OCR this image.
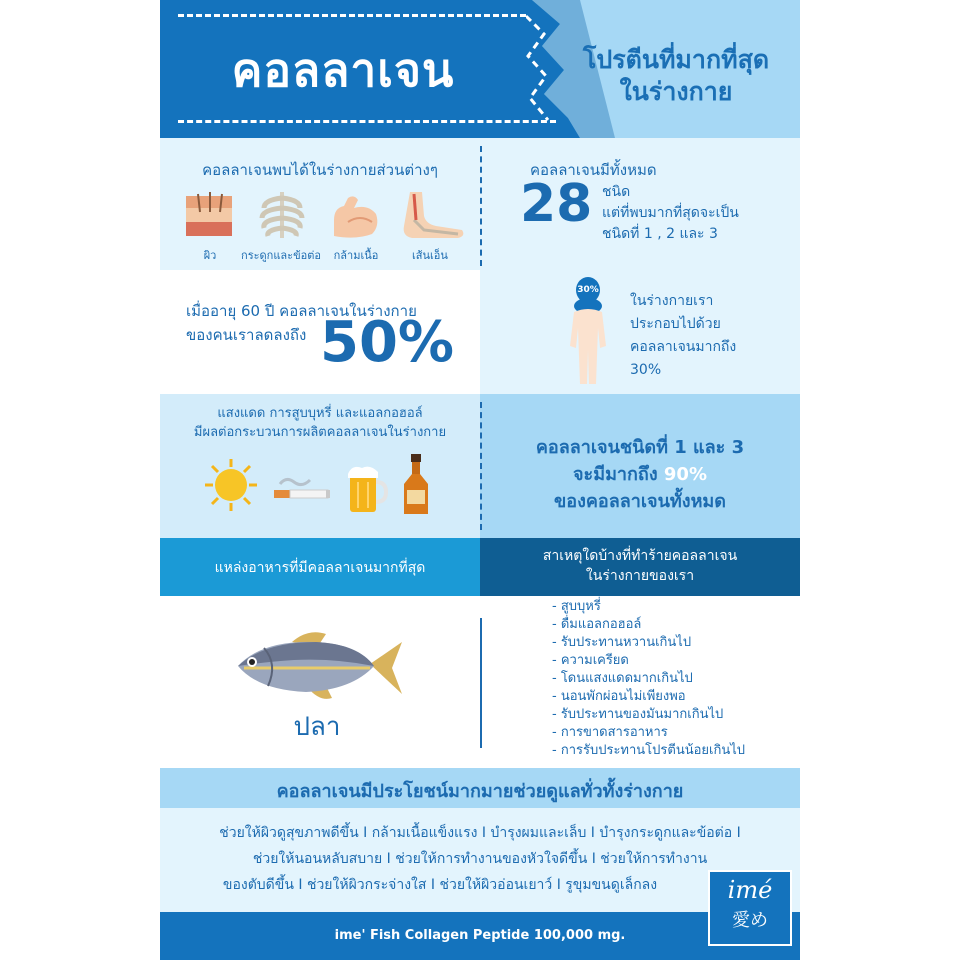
คอลลาเจน	โปรตีนที่มากที่สุด
ในร่างกาย
คอลลาเจนพบได้ในร่างกายส่วนต่างๆ
ผิว	กระดูกและข้อต่อ	กล้ามเนื้อ	เส้นเอ็น
คอลลาเจนมีทั้งหมด
28 ชนิด
แต่ที่พบมากที่สุดจะเป็น
ชนิดที่ 1 , 2 และ 3
เมื่ออายุ 60 ปี คอลลาเจนในร่างกาย
ของคนเราลดลงถึง 50%
30%
ในร่างกายเรา
ประกอบไปด้วย
คอลลาเจนมากถึง
30%
แสงแดด การสูบบุหรี่ และแอลกอฮอล์
มีผลต่อกระบวนการผลิตคอลลาเจนในร่างกาย
คอลลาเจนชนิดที่ 1 และ 3
จะมีมากถึง 90%
ของคอลลาเจนทั้งหมด
แหล่งอาหารที่มีคอลลาเจนมากที่สุด
สาเหตุใดบ้างที่ทำร้ายคอลลาเจน
ในร่างกายของเรา
ปลา
- สูบบุหรี่
- ดื่มแอลกอฮอล์
- รับประทานหวานเกินไป
- ความเครียด
- โดนแสงแดดมากเกินไป
- นอนพักผ่อนไม่เพียงพอ
- รับประทานของมันมากเกินไป
- การขาดสารอาหาร
- การรับประทานโปรตีนน้อยเกินไป
คอลลาเจนมีประโยชน์มากมายช่วยดูแลทั่วทั้งร่างกาย
ช่วยให้ผิวดูสุขภาพดีขึ้น I กล้ามเนื้อแข็งแรง I บำรุงผมและเล็บ I บำรุงกระดูกและข้อต่อ I
ช่วยให้นอนหลับสบาย I ช่วยให้การทำงานของหัวใจดีขึ้น I ช่วยให้การทำงาน
ของตับดีขึ้น I ช่วยให้ผิวกระจ่างใส I ช่วยให้ผิวอ่อนเยาว์ I รูขุมขนดูเล็กลง
ime' Fish Collagen Peptide 100,000 mg.
imé
愛め
